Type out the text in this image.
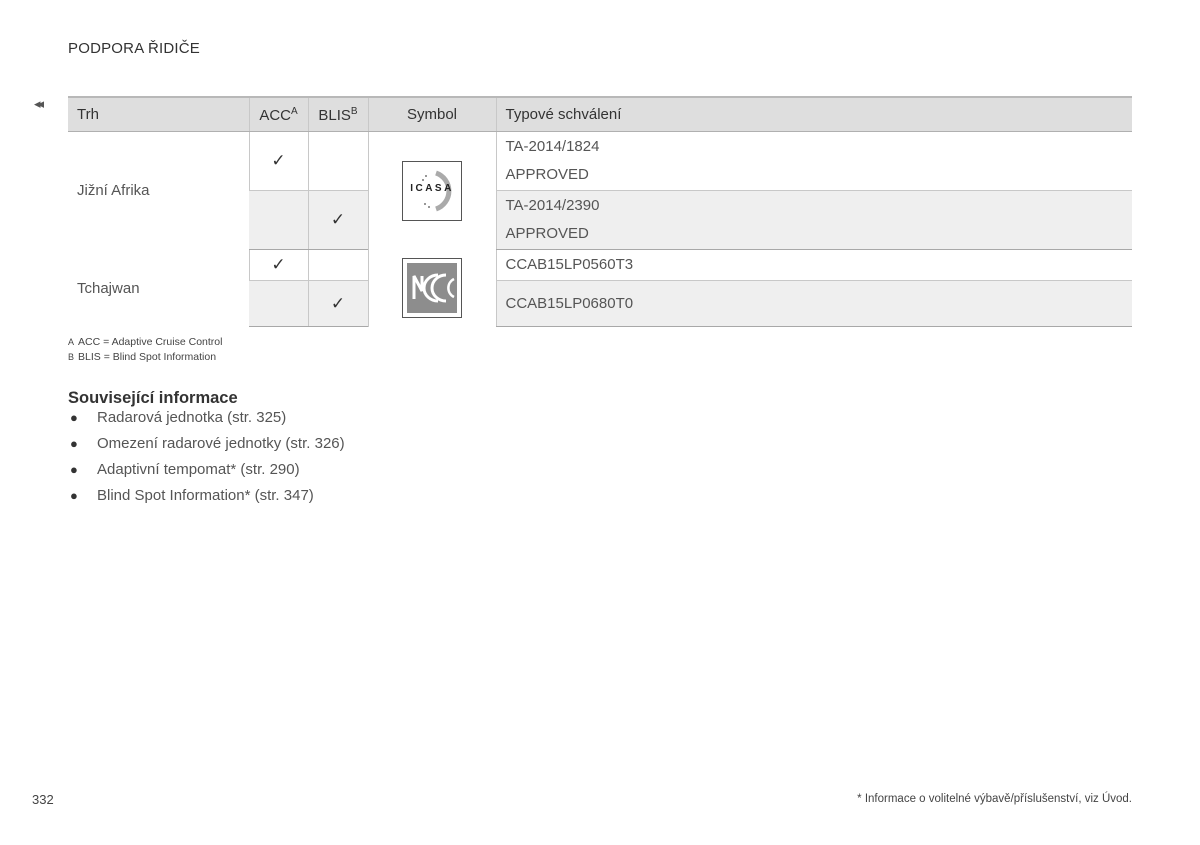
PODPORA ŘIDIČE
◂◂
Trh	$ACC^A$	$BLIS^B$	Symbol	Typové schválení
Jižní Afrika	✓		ICASA	TA-2014/1824
APPROVED

		✓		TA-2014/2390
APPROVED

Tchajwan	✓			CCAB15LP0560T3

		✓		CCAB15LP0680T0
A ACC = Adaptive Cruise Control
B BLIS = Blind Spot Information
Související informace
● Radarová jednotka (str. 325)
● Omezení radarové jednotky (str. 326)
● Adaptivní tempomat* (str. 290)
● Blind Spot Information* (str. 347)
332	* Informace o volitelné výbavě/příslušenství, viz Úvod.
